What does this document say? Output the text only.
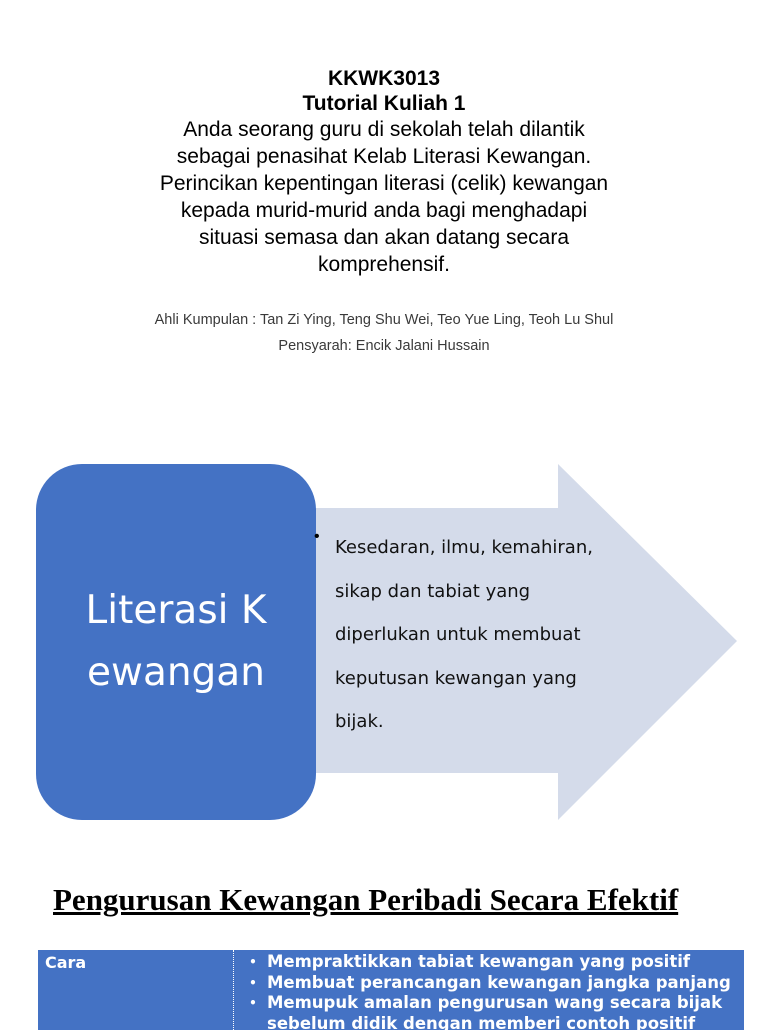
KKWK3013
Tutorial Kuliah 1
Anda seorang guru di sekolah telah dilantik
sebagai penasihat Kelab Literasi Kewangan.
Perincikan kepentingan literasi (celik) kewangan
kepada murid-murid anda bagi menghadapi
situasi semasa dan akan datang secara
komprehensif.
Ahli Kumpulan : Tan Zi Ying, Teng Shu Wei, Teo Yue Ling, Teoh Lu Shul
Pensyarah: Encik Jalani Hussain
Literasi Kewangan
•
Kesedaran, ilmu, kemahiran, sikap dan tabiat yang diperlukan untuk membuat keputusan kewangan yang bijak.
Pengurusan Kewangan Peribadi Secara Efektif
Cara	• Mempraktikkan tabiat kewangan yang positif
• Membuat perancangan kewangan jangka panjang
• Memupuk amalan pengurusan wang secara bijak
sebelum didik dengan memberi contoh positif
